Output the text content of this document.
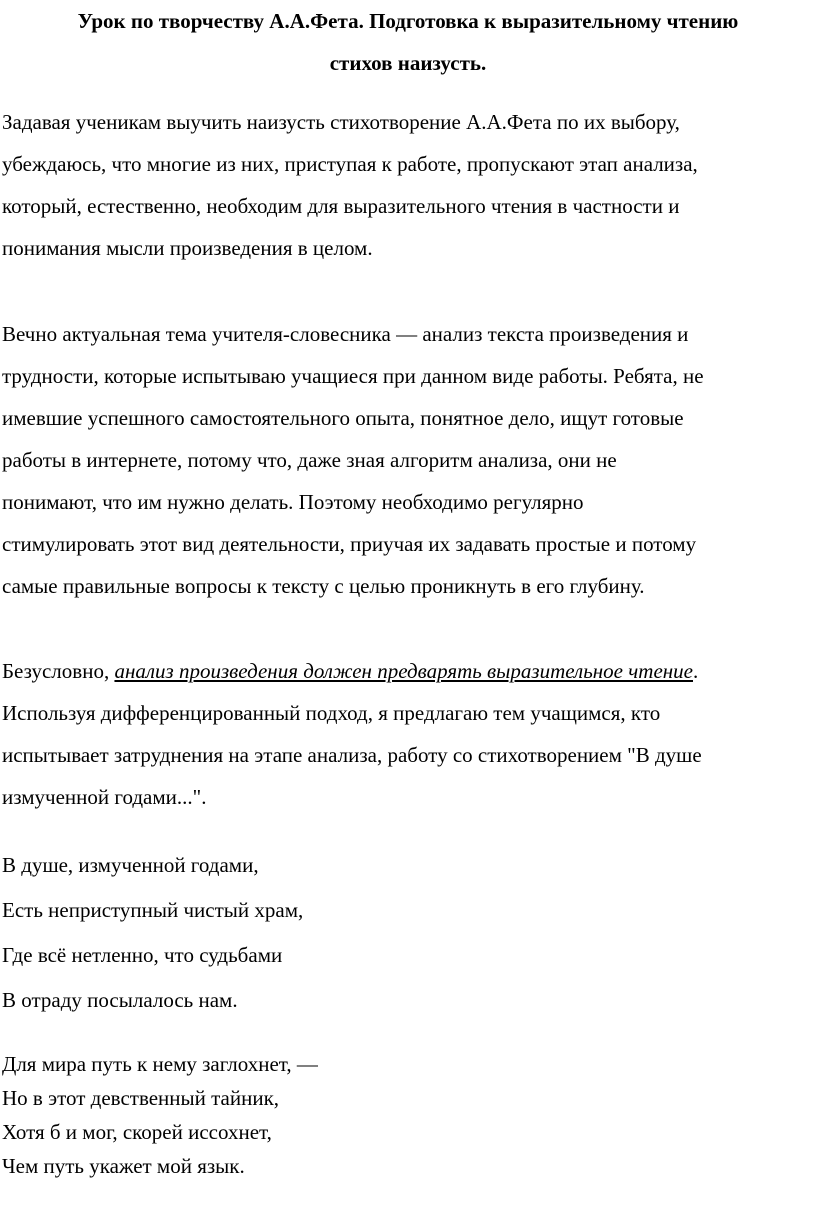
Урок по творчеству А.А.Фета. Подготовка к выразительному чтению
стихов наизусть.
Задавая ученикам выучить наизусть стихотворение А.А.Фета по их выбору,
убеждаюсь, что многие из них, приступая к работе, пропускают этап анализа,
который, естественно, необходим для выразительного чтения в частности и
понимания мысли произведения в целом.
Вечно актуальная тема учителя-словесника — анализ текста произведения и
трудности, которые испытываю учащиеся при данном виде работы. Ребята, не
имевшие успешного самостоятельного опыта, понятное дело, ищут готовые
работы в интернете, потому что, даже зная алгоритм анализа, они не
понимают, что им нужно делать. Поэтому необходимо регулярно
стимулировать этот вид деятельности, приучая их задавать простые и потому
самые правильные вопросы к тексту с целью проникнуть в его глубину.
Безусловно, анализ произведения должен предварять выразительное чтение.
Используя дифференцированный подход, я предлагаю тем учащимся, кто
испытывает затруднения на этапе анализа, работу со стихотворением "В душе
измученной годами...".
В душе, измученной годами,
Есть неприступный чистый храм,
Где всё нетленно, что судьбами
В отраду посылалось нам.
Для мира путь к нему заглохнет, —
Но в этот девственный тайник,
Хотя б и мог, скорей иссохнет,
Чем путь укажет мой язык.
